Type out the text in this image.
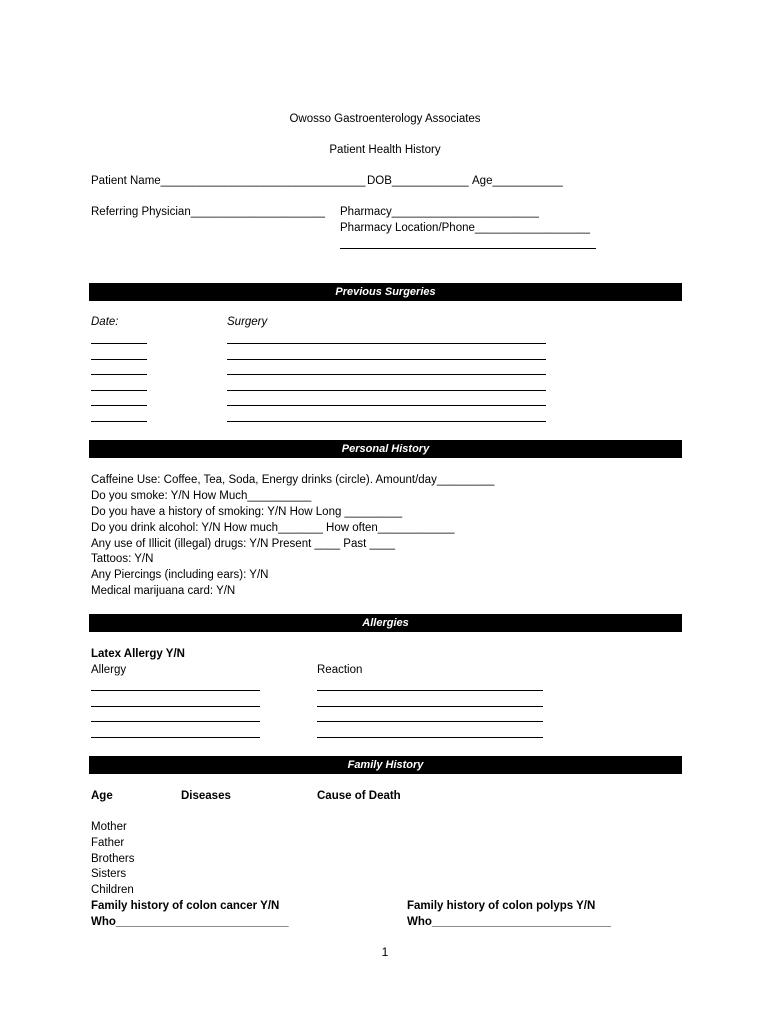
Owosso Gastroenterology Associates
Patient Health History
Patient Name________________________________ DOB____________ Age___________
Referring Physician_____________________ Pharmacy_______________________
Pharmacy Location/Phone__________________
Previous Surgeries
Date:	Surgery
Personal History
Caffeine Use: Coffee, Tea, Soda, Energy drinks (circle). Amount/day_________
Do you smoke: Y/N How Much__________
Do you have a history of smoking: Y/N How Long _________
Do you drink alcohol: Y/N How much_______ How often____________
Any use of Illicit (illegal) drugs: Y/N Present ____ Past ____
Tattoos: Y/N
Any Piercings (including ears): Y/N
Medical marijuana card: Y/N
Allergies
Latex Allergy Y/N
Allergy	Reaction
Family History
Age	Diseases	Cause of Death
Mother
Father
Brothers
Sisters
Children
Family history of colon cancer Y/N	Family history of colon polyps Y/N
Who___________________________	Who____________________________
1
